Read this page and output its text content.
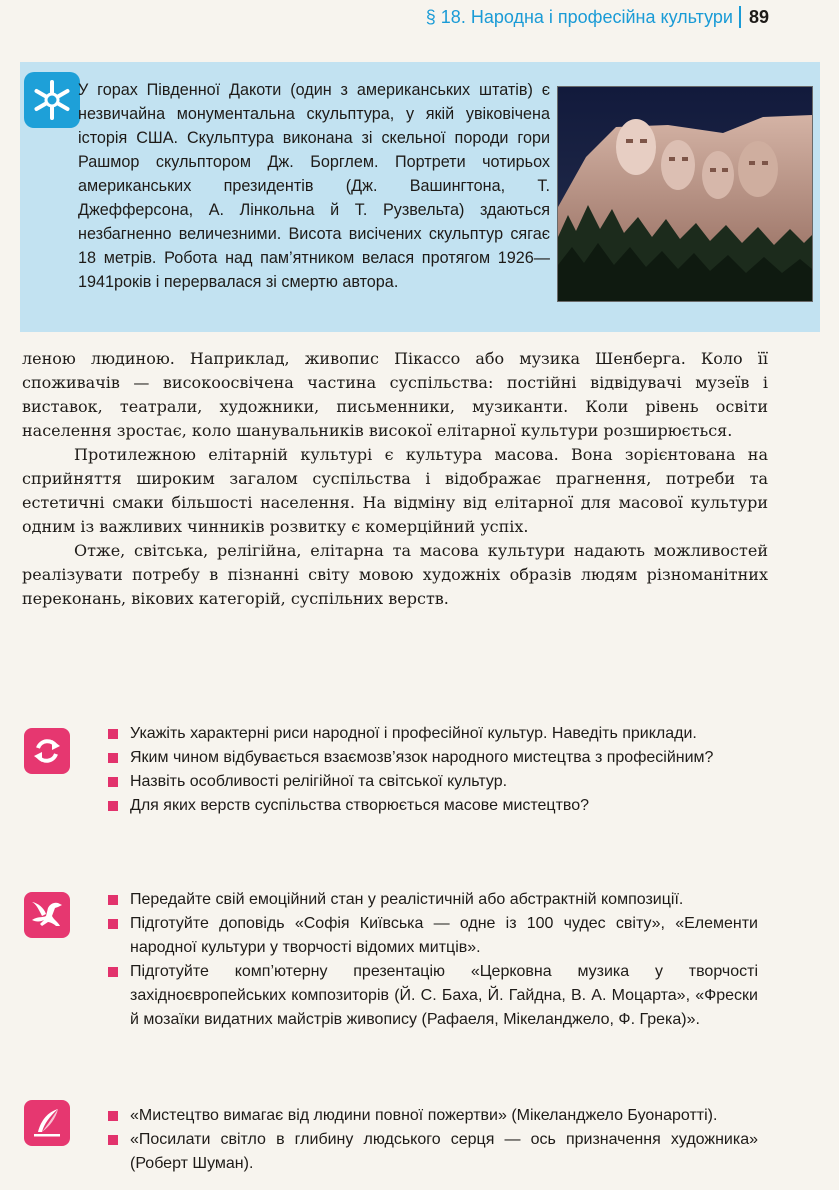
§ 18. Народна і професійна культури 89
У горах Південної Дакоти (один з американських штатів) є незвичайна монументальна скульптура, у якій увіковічена історія США. Скульптура виконана зі скельної породи гори Рашмор скульптором Дж. Борглем. Портрети чотирьох американських президентів (Дж. Вашингтона, Т. Джефферсона, А. Лінкольна й Т. Рузвельта) здаються незбагненно величезними. Висота висічених скульптур сягає 18 метрів. Робота над пам’ятником велася протягом 1926—1941років і перервалася зі смертю автора.

леною людиною. Наприклад, живопис Пікассо або музика Шенберга. Коло її споживачів — високоосвічена частина суспільства: постійні відвідувачі музеїв і виставок, театрали, художники, письменники, музиканти. Коли рівень освіти населення зростає, коло шанувальників високої елітарної культури розширюється.

Протилежною елітарній культурі є культура масова. Вона зорієнтована на сприйняття широким загалом суспільства і відображає прагнення, потреби та естетичні смаки більшості населення. На відміну від елітарної для масової культури одним із важливих чинників розвитку є комерційний успіх.

Отже, світська, релігійна, елітарна та масова культури надають можливостей реалізувати потребу в пізнанні світу мовою художніх образів людям різноманітних переконань, вікових категорій, суспільних верств.

Укажіть характерні риси народної і професійної культур. Наведіть приклади.
Яким чином відбувається взаємозв’язок народного мистецтва з професійним?
Назвіть особливості релігійної та світської культур.
Для яких верств суспільства створюється масове мистецтво?
Передайте свій емоційний стан у реалістичній або абстрактній композиції.
Підготуйте доповідь «Софія Київська — одне із 100 чудес світу», «Елементи народної культури у творчості відомих митців».
Підготуйте комп’ютерну презентацію «Церковна музика у творчості західноєвропейських композиторів (Й. С. Баха, Й. Гайдна, В. А. Моцарта», «Фрески й мозаїки видатних майстрів живопису (Рафаеля, Мікеланджело, Ф. Грека)».
«Мистецтво вимагає від людини повної пожертви» (Мікеланджело Буонаротті).
«Посилати світло в глибину людського серця — ось призначення художника» (Роберт Шуман).
